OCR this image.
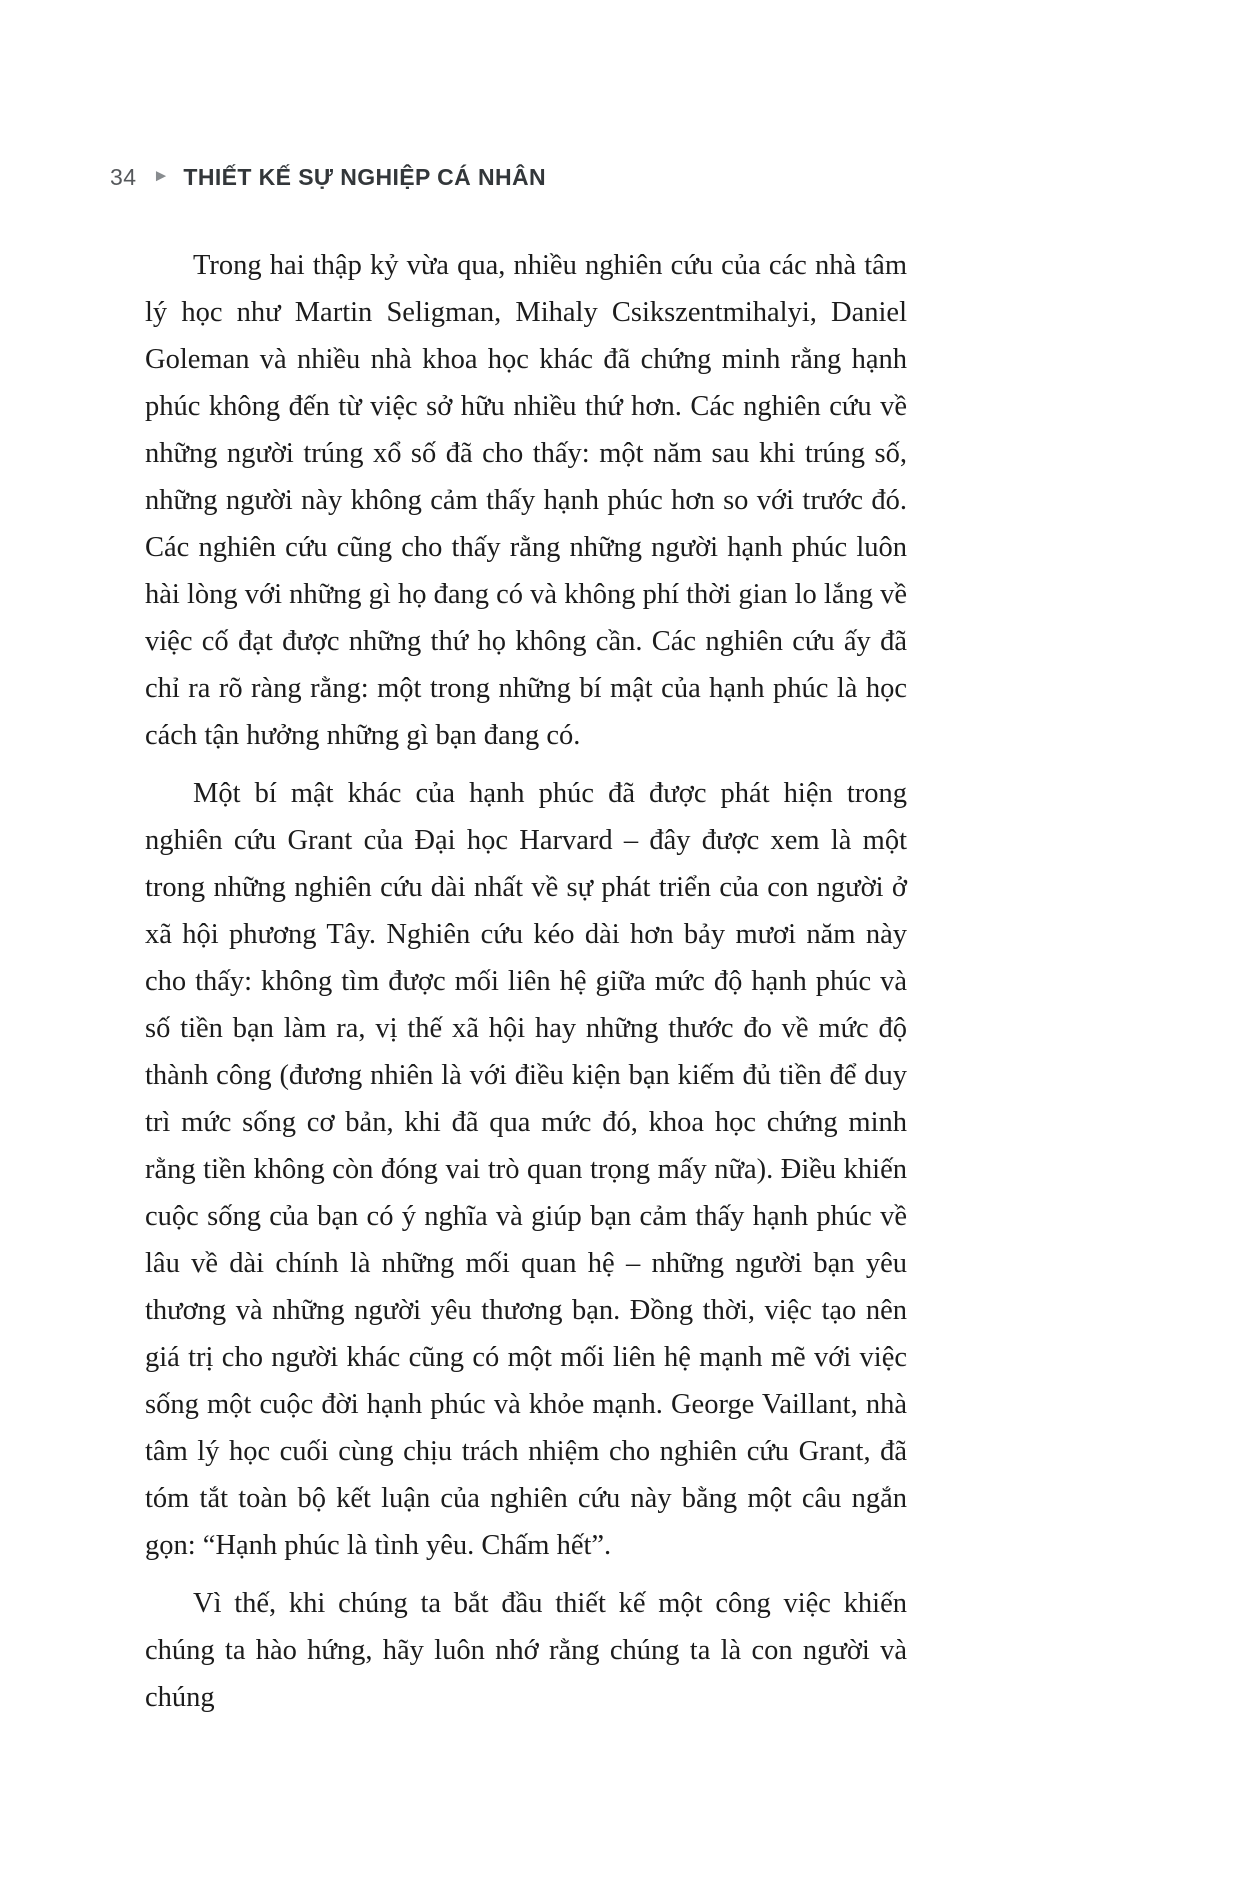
34 ► THIẾT KẾ SỰ NGHIỆP CÁ NHÂN

Trong hai thập kỷ vừa qua, nhiều nghiên cứu của các nhà tâm lý học như Martin Seligman, Mihaly Csikszentmihalyi, Daniel Goleman và nhiều nhà khoa học khác đã chứng minh rằng hạnh phúc không đến từ việc sở hữu nhiều thứ hơn. Các nghiên cứu về những người trúng xổ số đã cho thấy: một năm sau khi trúng số, những người này không cảm thấy hạnh phúc hơn so với trước đó. Các nghiên cứu cũng cho thấy rằng những người hạnh phúc luôn hài lòng với những gì họ đang có và không phí thời gian lo lắng về việc cố đạt được những thứ họ không cần. Các nghiên cứu ấy đã chỉ ra rõ ràng rằng: một trong những bí mật của hạnh phúc là học cách tận hưởng những gì bạn đang có.

Một bí mật khác của hạnh phúc đã được phát hiện trong nghiên cứu Grant của Đại học Harvard – đây được xem là một trong những nghiên cứu dài nhất về sự phát triển của con người ở xã hội phương Tây. Nghiên cứu kéo dài hơn bảy mươi năm này cho thấy: không tìm được mối liên hệ giữa mức độ hạnh phúc và số tiền bạn làm ra, vị thế xã hội hay những thước đo về mức độ thành công (đương nhiên là với điều kiện bạn kiếm đủ tiền để duy trì mức sống cơ bản, khi đã qua mức đó, khoa học chứng minh rằng tiền không còn đóng vai trò quan trọng mấy nữa). Điều khiến cuộc sống của bạn có ý nghĩa và giúp bạn cảm thấy hạnh phúc về lâu về dài chính là những mối quan hệ – những người bạn yêu thương và những người yêu thương bạn. Đồng thời, việc tạo nên giá trị cho người khác cũng có một mối liên hệ mạnh mẽ với việc sống một cuộc đời hạnh phúc và khỏe mạnh. George Vaillant, nhà tâm lý học cuối cùng chịu trách nhiệm cho nghiên cứu Grant, đã tóm tắt toàn bộ kết luận của nghiên cứu này bằng một câu ngắn gọn: “Hạnh phúc là tình yêu. Chấm hết”.

Vì thế, khi chúng ta bắt đầu thiết kế một công việc khiến chúng ta hào hứng, hãy luôn nhớ rằng chúng ta là con người và chúng
